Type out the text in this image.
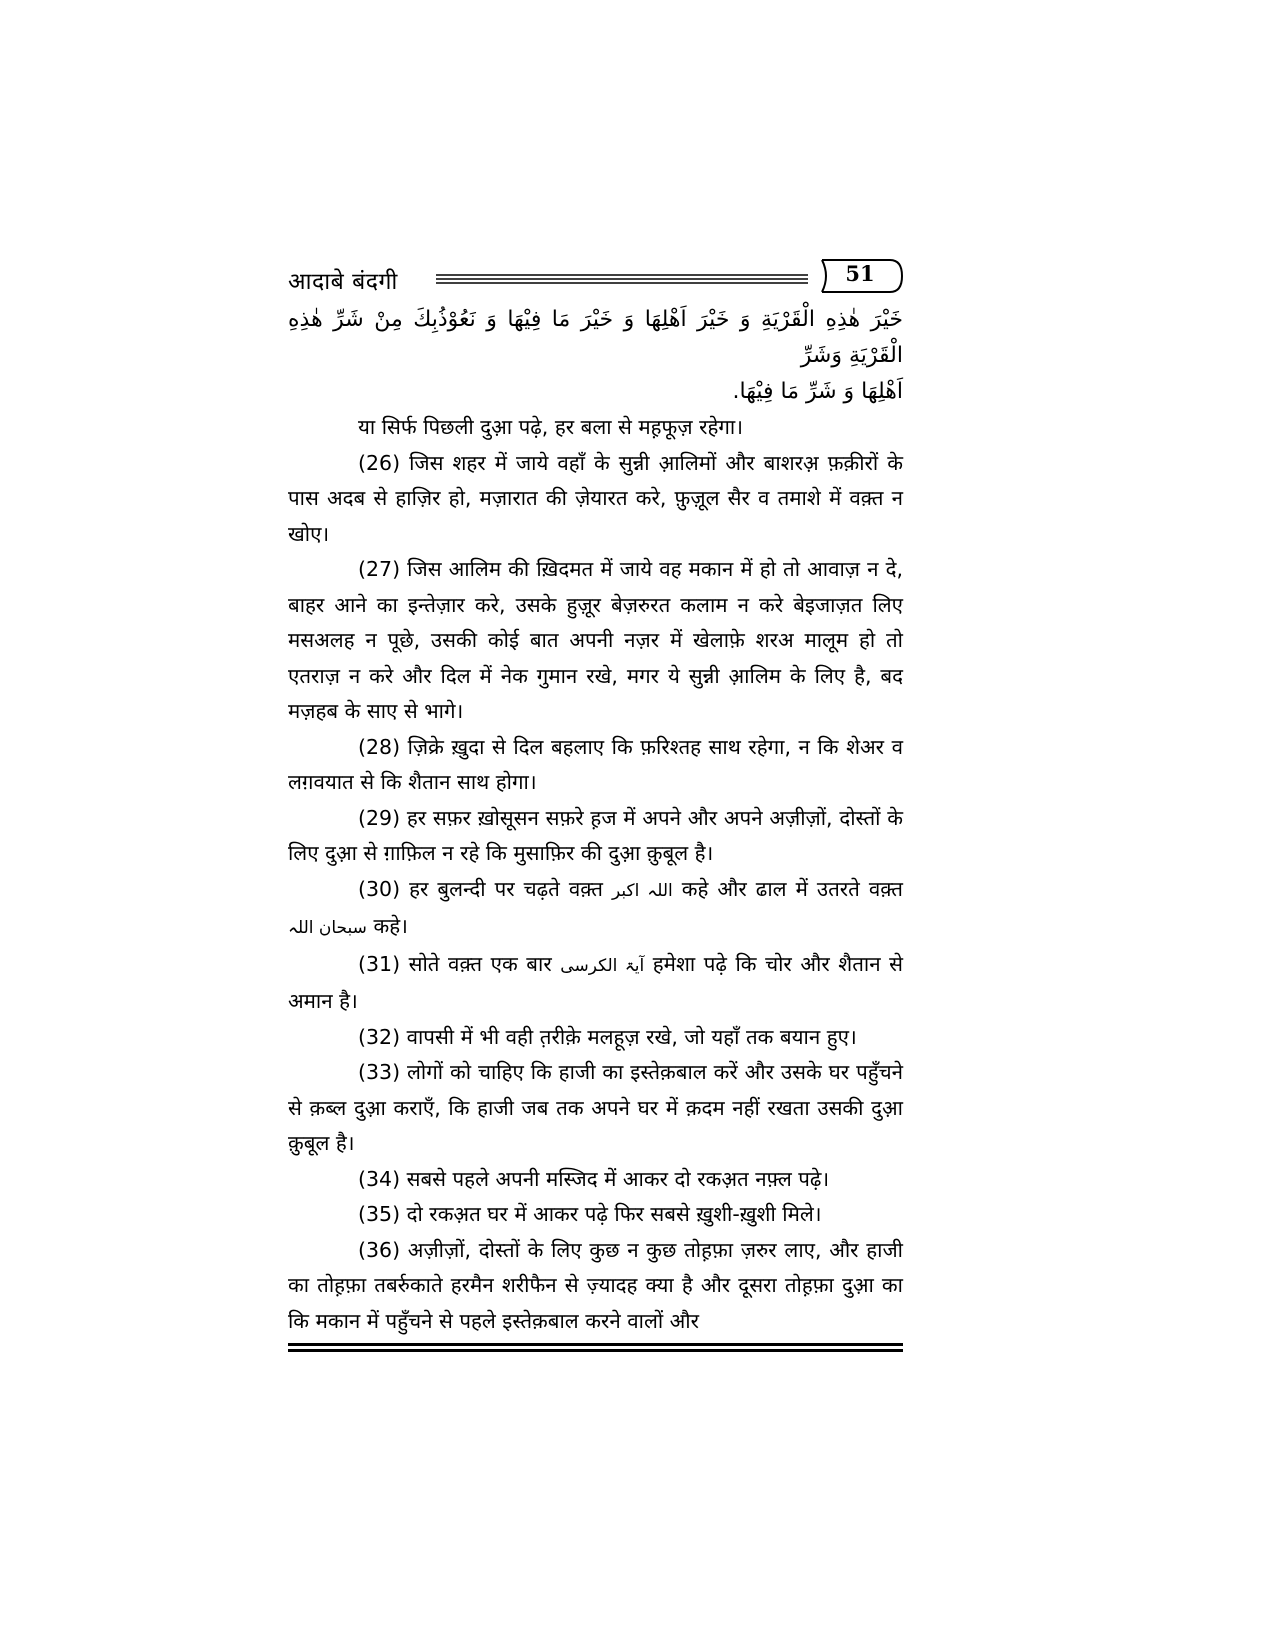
आदाबे बंदगी	51
خَيْرَ هٰذِهِ الْقَرْيَةِ وَ خَيْرَ اَهْلِهَا وَ خَيْرَ مَا فِيْهَا وَ نَعُوْذُبِكَ مِنْ شَرِّ هٰذِهِ الْقَرْيَةِ وَشَرِّ
اَهْلِهَا وَ شَرِّ مَا فِيْهَا.

या सिर्फ पिछली दुआ़ पढ़े, हर बला से मह़फूज़ रहेगा।

(26) जिस शहर में जाये वहाँ के सुन्नी आ़लिमों और बाशरअ़ फ़क़ीरों के पास अदब से हाज़िर हो, मज़ारात की ज़ेयारत करे, फ़ुज़ूल सैर व तमाशे में वक़्त न खोए।

(27) जिस आलिम की ख़िदमत में जाये वह मकान में हो तो आवाज़ न दे, बाहर आने का इन्तेज़ार करे, उसके हुज़ूर बेज़रुरत कलाम न करे बेइजाज़त लिए मसअलह न पूछे, उसकी कोई बात अपनी नज़र में खेलाफ़े शरअ मालूम हो तो एतराज़ न करे और दिल में नेक गुमान रखे, मगर ये सुन्नी आ़लिम के लिए है, बद मज़हब के साए से भागे।

(28) ज़िक्रे ख़ुदा से दिल बहलाए कि फ़रिश्तह साथ रहेगा, न कि शेअर व लग़वयात से कि शैतान साथ होगा।

(29) हर सफ़र ख़ोसूसन सफ़रे ह़ज में अपने और अपने अज़ीज़ों, दोस्तों के लिए दुआ़ से ग़ाफ़िल न रहे कि मुसाफ़िर की दुआ़ क़ुबूल है।

(30) हर बुलन्दी पर चढ़ते वक़्त اللہ اکبر कहे और ढाल में उतरते वक़्त سبحان اللہ कहे।

(31) सोते वक़्त एक बार آیۃ الکرسی हमेशा पढ़े कि चोर और शैतान से अमान है।

(32) वापसी में भी वही त़रीक़े मलहूज़ रखे, जो यहाँ तक बयान हुए।

(33) लोगों को चाहिए कि हाजी का इस्तेक़बाल करें और उसके घर पहुँचने से क़ब्ल दुआ़ कराएँ, कि हाजी जब तक अपने घर में क़दम नहीं रखता उसकी दुआ़ क़ुबूल है।

(34) सबसे पहले अपनी मस्जिद में आकर दो रकअ़त नफ़्ल पढ़े।

(35) दो रकअ़त घर में आकर पढ़े फिर सबसे ख़ुशी-ख़ुशी मिले।

(36) अज़ीज़ों, दोस्तों के लिए कुछ न कुछ तोह़फ़ा ज़रुर लाए, और हाजी का तोह़फ़ा तबर्रुकाते हरमैन शरीफैन से ज़्यादह क्या है और दूसरा तोह़फ़ा दुआ़ का कि मकान में पहुँचने से पहले इस्तेक़बाल करने वालों और
